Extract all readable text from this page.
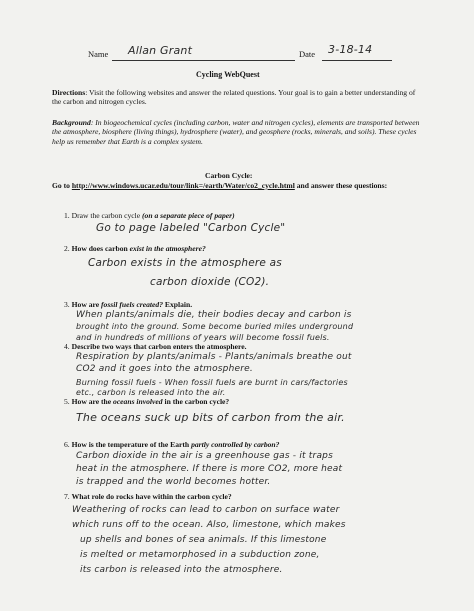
Name Allan Grant	Date 3-18-14
Cycling WebQuest
Directions: Visit the following websites and answer the related questions. Your goal is to gain a better understanding of the carbon and nitrogen cycles.
Background: In biogeochemical cycles (including carbon, water and nitrogen cycles), elements are transported between the atmosphere, biosphere (living things), hydrosphere (water), and geosphere (rocks, minerals, and soils). These cycles help us remember that Earth is a complex system.
Carbon Cycle:
Go to http://www.windows.ucar.edu/tour/link=/earth/Water/co2_cycle.html and answer these questions:
1. Draw the carbon cycle (on a separate piece of paper)
Go to page labeled "Carbon Cycle"
2. How does carbon exist in the atmosphere?
Carbon exists in the atmosphere as
carbon dioxide (CO2).
3. How are fossil fuels created? Explain.
When plants/animals die, their bodies decay and carbon is
brought into the ground. Some become buried miles underground
and in hundreds of millions of years will become fossil fuels.
4. Describe two ways that carbon enters the atmosphere.
Respiration by plants/animals - Plants/animals breathe out
CO2 and it goes into the atmosphere.
Burning fossil fuels - When fossil fuels are burnt in cars/factories
etc., carbon is released into the air.
5. How are the oceans involved in the carbon cycle?
The oceans suck up bits of carbon from the air.
6. How is the temperature of the Earth partly controlled by carbon?
Carbon dioxide in the air is a greenhouse gas - it traps
heat in the atmosphere. If there is more CO2, more heat
is trapped and the world becomes hotter.
7. What role do rocks have within the carbon cycle?
Weathering of rocks can lead to carbon on surface water
which runs off to the ocean. Also, limestone, which makes
up shells and bones of sea animals. If this limestone
is melted or metamorphosed in a subduction zone,
its carbon is released into the atmosphere.
